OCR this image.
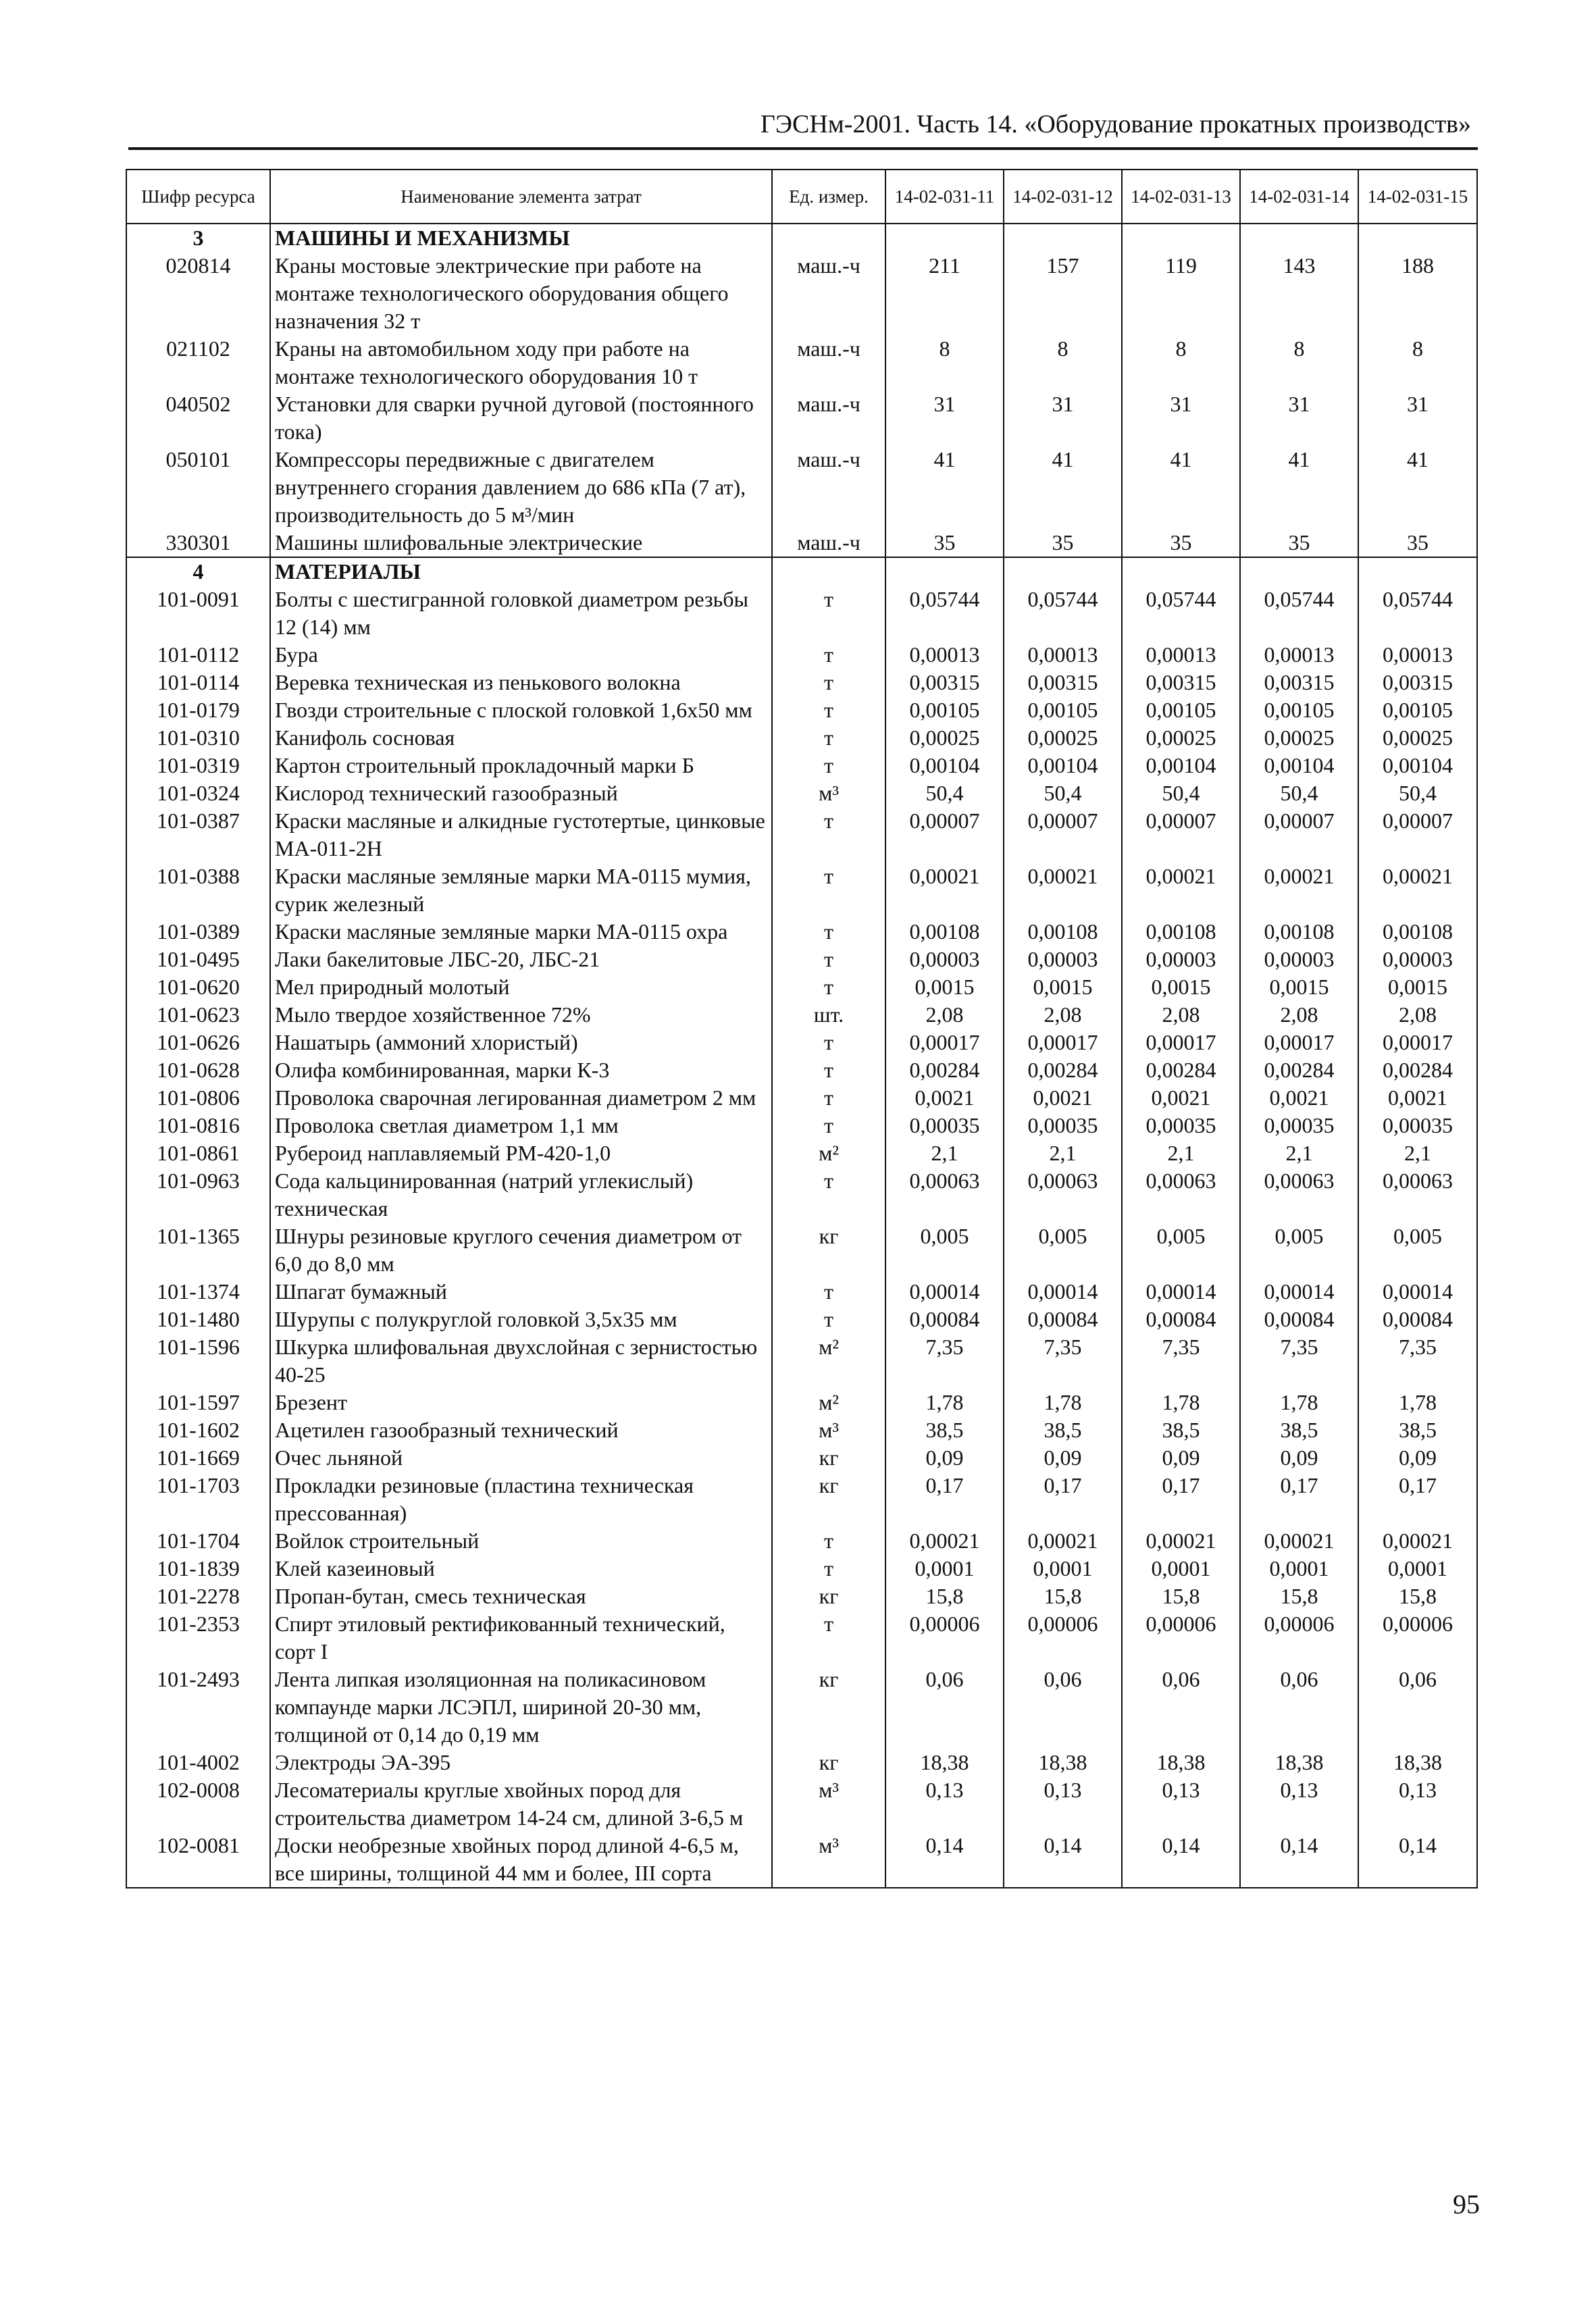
ГЭСНм-2001. Часть 14. «Оборудование прокатных производств»
Шифр ресурса	Наименование элемента затрат	Ед. измер.	14-02-031-11	14-02-031-12	14-02-031-13	14-02-031-14	14-02-031-15
3	МАШИНЫ И МЕХАНИЗМЫ						
020814	Краны мостовые электрические при работе на монтаже технологического оборудования общего назначения 32 т	маш.-ч	211	157	119	143	188
021102	Краны на автомобильном ходу при работе на монтаже технологического оборудования 10 т	маш.-ч	8	8	8	8	8
040502	Установки для сварки ручной дуговой (постоянного тока)	маш.-ч	31	31	31	31	31
050101	Компрессоры передвижные с двигателем внутреннего сгорания давлением до 686 кПа (7 ат), производительность до 5 м³/мин	маш.-ч	41	41	41	41	41
330301	Машины шлифовальные электрические	маш.-ч	35	35	35	35	35
4	МАТЕРИАЛЫ						
101-0091	Болты с шестигранной головкой диаметром резьбы 12 (14) мм	т	0,05744	0,05744	0,05744	0,05744	0,05744
101-0112	Бура	т	0,00013	0,00013	0,00013	0,00013	0,00013
101-0114	Веревка техническая из пенькового волокна	т	0,00315	0,00315	0,00315	0,00315	0,00315
101-0179	Гвозди строительные с плоской головкой 1,6х50 мм	т	0,00105	0,00105	0,00105	0,00105	0,00105
101-0310	Канифоль сосновая	т	0,00025	0,00025	0,00025	0,00025	0,00025
101-0319	Картон строительный прокладочный марки Б	т	0,00104	0,00104	0,00104	0,00104	0,00104
101-0324	Кислород технический газообразный	м³	50,4	50,4	50,4	50,4	50,4
101-0387	Краски масляные и алкидные густотертые, цинковые МА-011-2Н	т	0,00007	0,00007	0,00007	0,00007	0,00007
101-0388	Краски масляные земляные марки МА-0115 мумия, сурик железный	т	0,00021	0,00021	0,00021	0,00021	0,00021
101-0389	Краски масляные земляные марки МА-0115 охра	т	0,00108	0,00108	0,00108	0,00108	0,00108
101-0495	Лаки бакелитовые ЛБС-20, ЛБС-21	т	0,00003	0,00003	0,00003	0,00003	0,00003
101-0620	Мел природный молотый	т	0,0015	0,0015	0,0015	0,0015	0,0015
101-0623	Мыло твердое хозяйственное 72%	шт.	2,08	2,08	2,08	2,08	2,08
101-0626	Нашатырь (аммоний хлористый)	т	0,00017	0,00017	0,00017	0,00017	0,00017
101-0628	Олифа комбинированная, марки К-3	т	0,00284	0,00284	0,00284	0,00284	0,00284
101-0806	Проволока сварочная легированная диаметром 2 мм	т	0,0021	0,0021	0,0021	0,0021	0,0021
101-0816	Проволока светлая диаметром 1,1 мм	т	0,00035	0,00035	0,00035	0,00035	0,00035
101-0861	Рубероид наплавляемый РМ-420-1,0	м²	2,1	2,1	2,1	2,1	2,1
101-0963	Сода кальцинированная (натрий углекислый) техническая	т	0,00063	0,00063	0,00063	0,00063	0,00063
101-1365	Шнуры резиновые круглого сечения диаметром от 6,0 до 8,0 мм	кг	0,005	0,005	0,005	0,005	0,005
101-1374	Шпагат бумажный	т	0,00014	0,00014	0,00014	0,00014	0,00014
101-1480	Шурупы с полукруглой головкой 3,5х35 мм	т	0,00084	0,00084	0,00084	0,00084	0,00084
101-1596	Шкурка шлифовальная двухслойная с зернистостью 40-25	м²	7,35	7,35	7,35	7,35	7,35
101-1597	Брезент	м²	1,78	1,78	1,78	1,78	1,78
101-1602	Ацетилен газообразный технический	м³	38,5	38,5	38,5	38,5	38,5
101-1669	Очес льняной	кг	0,09	0,09	0,09	0,09	0,09
101-1703	Прокладки резиновые (пластина техническая прессованная)	кг	0,17	0,17	0,17	0,17	0,17
101-1704	Войлок строительный	т	0,00021	0,00021	0,00021	0,00021	0,00021
101-1839	Клей казеиновый	т	0,0001	0,0001	0,0001	0,0001	0,0001
101-2278	Пропан-бутан, смесь техническая	кг	15,8	15,8	15,8	15,8	15,8
101-2353	Спирт этиловый ректификованный технический, сорт I	т	0,00006	0,00006	0,00006	0,00006	0,00006
101-2493	Лента липкая изоляционная на поликасиновом компаунде марки ЛСЭПЛ, шириной 20-30 мм, толщиной от 0,14 до 0,19 мм	кг	0,06	0,06	0,06	0,06	0,06
101-4002	Электроды ЭА-395	кг	18,38	18,38	18,38	18,38	18,38
102-0008	Лесоматериалы круглые хвойных пород для строительства диаметром 14-24 см, длиной 3-6,5 м	м³	0,13	0,13	0,13	0,13	0,13
102-0081	Доски необрезные хвойных пород длиной 4-6,5 м, все ширины, толщиной 44 мм и более, III сорта	м³	0,14	0,14	0,14	0,14	0,14
95
